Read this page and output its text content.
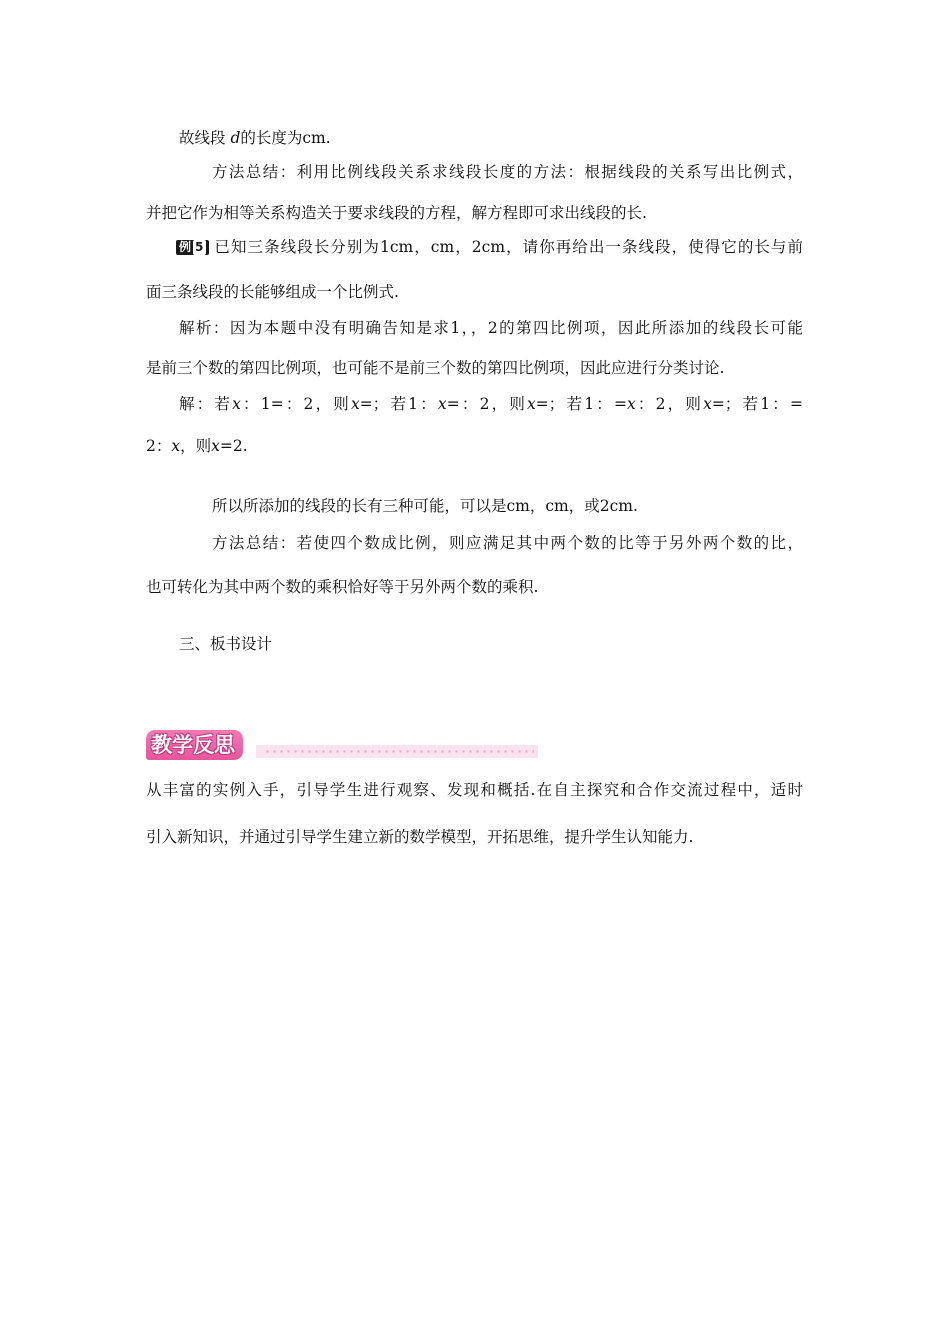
故线段 d的长度为cm.
方法总结：利用比例线段关系求线段长度的方法：根据线段的关系写出比例式，
并把它作为相等关系构造关于要求线段的方程，解方程即可求出线段的长.
例 5 已知三条线段长分别为1cm，cm，2cm，请你再给出一条线段，使得它的长与前
面三条线段的长能够组成一个比例式.
解析：因为本题中没有明确告知是求1，，2的第四比例项，因此所添加的线段长可能
是前三个数的第四比例项，也可能不是前三个数的第四比例项，因此应进行分类讨论.
解：若x：1=：2，则x=；若1：x=：2，则x=；若1：=x：2，则x=；若1：=
2：x，则x=2.
所以所添加的线段的长有三种可能，可以是cm，cm，或2cm.
方法总结：若使四个数成比例，则应满足其中两个数的比等于另外两个数的比，
也可转化为其中两个数的乘积恰好等于另外两个数的乘积.
三、板书设计
教学反思
从丰富的实例入手，引导学生进行观察、发现和概括.在自主探究和合作交流过程中，适时
引入新知识，并通过引导学生建立新的数学模型，开拓思维，提升学生认知能力.
